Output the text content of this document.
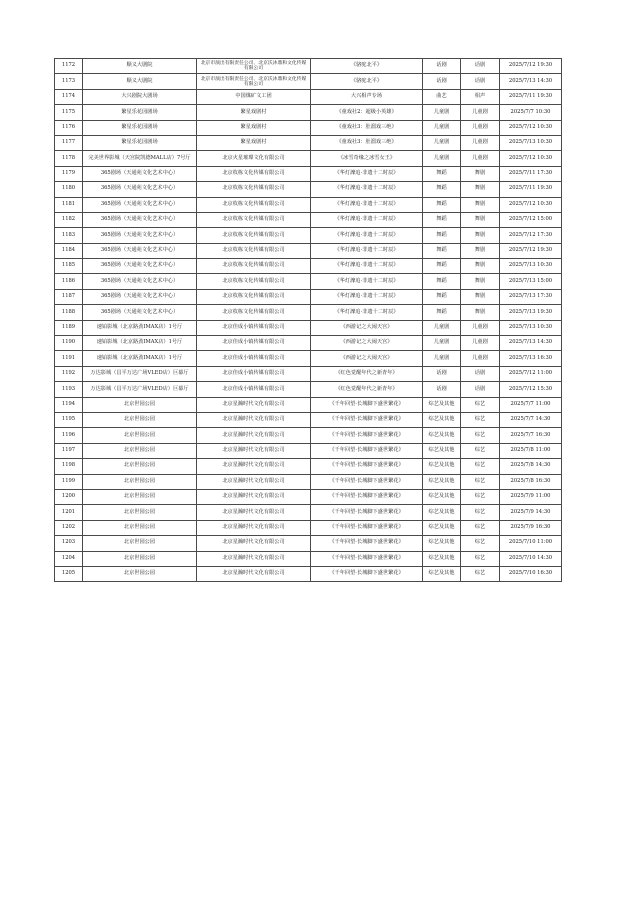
1172	顺义大剧院	北京市演出有限责任公司、北京沃沐鼎和文化传媒有限公司	《骆驼北平》	话剧	话剧	2025/7/12 19:30
1173	顺义大剧院	北京市演出有限责任公司、北京沃沐鼎和文化传媒有限公司	《骆驼北平》	话剧	话剧	2025/7/13 14:30
1174	大兴剧院大剧场	中国煤矿文工团	大兴相声专场	曲艺	相声	2025/7/11 19:30
1175	繁星乐花园剧场	繁星戏剧村	《童戏社2：超级小英雄》	儿童剧	儿童剧	2025/7/7 10:30
1176	繁星乐花园剧场	繁星戏剧村	《童戏社3：肚溜戏三绝》	儿童剧	儿童剧	2025/7/12 10:30
1177	繁星乐花园剧场	繁星戏剧村	《童戏社3：肚溜戏三绝》	儿童剧	儿童剧	2025/7/13 10:30
1178	完美世界影城（天宫院凯德MALL店）7号厅	北京火星璀璨文化有限公司	《冰雪奇缘之冰雪女王》	儿童剧	儿童剧	2025/7/12 10:30
1179	365剧场（天通苑文化艺术中心）	北京枚栋文化传媒有限公司	《华灯灖追·非遗十二时辰》	舞蹈	舞剧	2025/7/11 17:30
1180	365剧场（天通苑文化艺术中心）	北京枚栋文化传媒有限公司	《华灯灖追·非遗十二时辰》	舞蹈	舞剧	2025/7/11 19:30
1181	365剧场（天通苑文化艺术中心）	北京枚栋文化传媒有限公司	《华灯灖追·非遗十二时辰》	舞蹈	舞剧	2025/7/12 10:30
1182	365剧场（天通苑文化艺术中心）	北京枚栋文化传媒有限公司	《华灯灖追·非遗十二时辰》	舞蹈	舞剧	2025/7/12 15:00
1183	365剧场（天通苑文化艺术中心）	北京枚栋文化传媒有限公司	《华灯灖追·非遗十二时辰》	舞蹈	舞剧	2025/7/12 17:30
1184	365剧场（天通苑文化艺术中心）	北京枚栋文化传媒有限公司	《华灯灖追·非遗十二时辰》	舞蹈	舞剧	2025/7/12 19:30
1185	365剧场（天通苑文化艺术中心）	北京枚栋文化传媒有限公司	《华灯灖追·非遗十二时辰》	舞蹈	舞剧	2025/7/13 10:30
1186	365剧场（天通苑文化艺术中心）	北京枚栋文化传媒有限公司	《华灯灖追·非遗十二时辰》	舞蹈	舞剧	2025/7/13 15:00
1187	365剧场（天通苑文化艺术中心）	北京枚栋文化传媒有限公司	《华灯灖追·非遗十二时辰》	舞蹈	舞剧	2025/7/13 17:30
1188	365剧场（天通苑文化艺术中心）	北京枚栋文化传媒有限公司	《华灯灖追·非遗十二时辰》	舞蹈	舞剧	2025/7/13 19:30
1189	速铂影城（北京路劲IMAX店）1号厅	北京佳成小镇传媒有限公司	《西游记之大闹天宫》	儿童剧	儿童剧	2025/7/13 10:30
1190	速铂影城（北京路劲IMAX店）1号厅	北京佳成小镇传媒有限公司	《西游记之大闹天宫》	儿童剧	儿童剧	2025/7/13 14:30
1191	速铂影城（北京路劲IMAX店）1号厅	北京佳成小镇传媒有限公司	《西游记之大闹天宫》	儿童剧	儿童剧	2025/7/13 16:30
1192	万达影城（昌平万达广场VLED店）巨幕厅	北京佳成小镇传媒有限公司	《红色觉醒年代之新青年》	话剧	话剧	2025/7/12 11:00
1193	万达影城（昌平万达广场VLED店）巨幕厅	北京佳成小镇传媒有限公司	《红色觉醒年代之新青年》	话剧	话剧	2025/7/12 15:30
1194	北京世园公园	北京星瀚时代文化有限公司	《千年回望·长城脚下盛世繁花》	综艺及其他	综艺	2025/7/7 11:00
1195	北京世园公园	北京星瀚时代文化有限公司	《千年回望·长城脚下盛世繁花》	综艺及其他	综艺	2025/7/7 14:30
1196	北京世园公园	北京星瀚时代文化有限公司	《千年回望·长城脚下盛世繁花》	综艺及其他	综艺	2025/7/7 16:30
1197	北京世园公园	北京星瀚时代文化有限公司	《千年回望·长城脚下盛世繁花》	综艺及其他	综艺	2025/7/8 11:00
1198	北京世园公园	北京星瀚时代文化有限公司	《千年回望·长城脚下盛世繁花》	综艺及其他	综艺	2025/7/8 14:30
1199	北京世园公园	北京星瀚时代文化有限公司	《千年回望·长城脚下盛世繁花》	综艺及其他	综艺	2025/7/8 16:30
1200	北京世园公园	北京星瀚时代文化有限公司	《千年回望·长城脚下盛世繁花》	综艺及其他	综艺	2025/7/9 11:00
1201	北京世园公园	北京星瀚时代文化有限公司	《千年回望·长城脚下盛世繁花》	综艺及其他	综艺	2025/7/9 14:30
1202	北京世园公园	北京星瀚时代文化有限公司	《千年回望·长城脚下盛世繁花》	综艺及其他	综艺	2025/7/9 16:30
1203	北京世园公园	北京星瀚时代文化有限公司	《千年回望·长城脚下盛世繁花》	综艺及其他	综艺	2025/7/10 11:00
1204	北京世园公园	北京星瀚时代文化有限公司	《千年回望·长城脚下盛世繁花》	综艺及其他	综艺	2025/7/10 14:30
1205	北京世园公园	北京星瀚时代文化有限公司	《千年回望·长城脚下盛世繁花》	综艺及其他	综艺	2025/7/10 16:30
